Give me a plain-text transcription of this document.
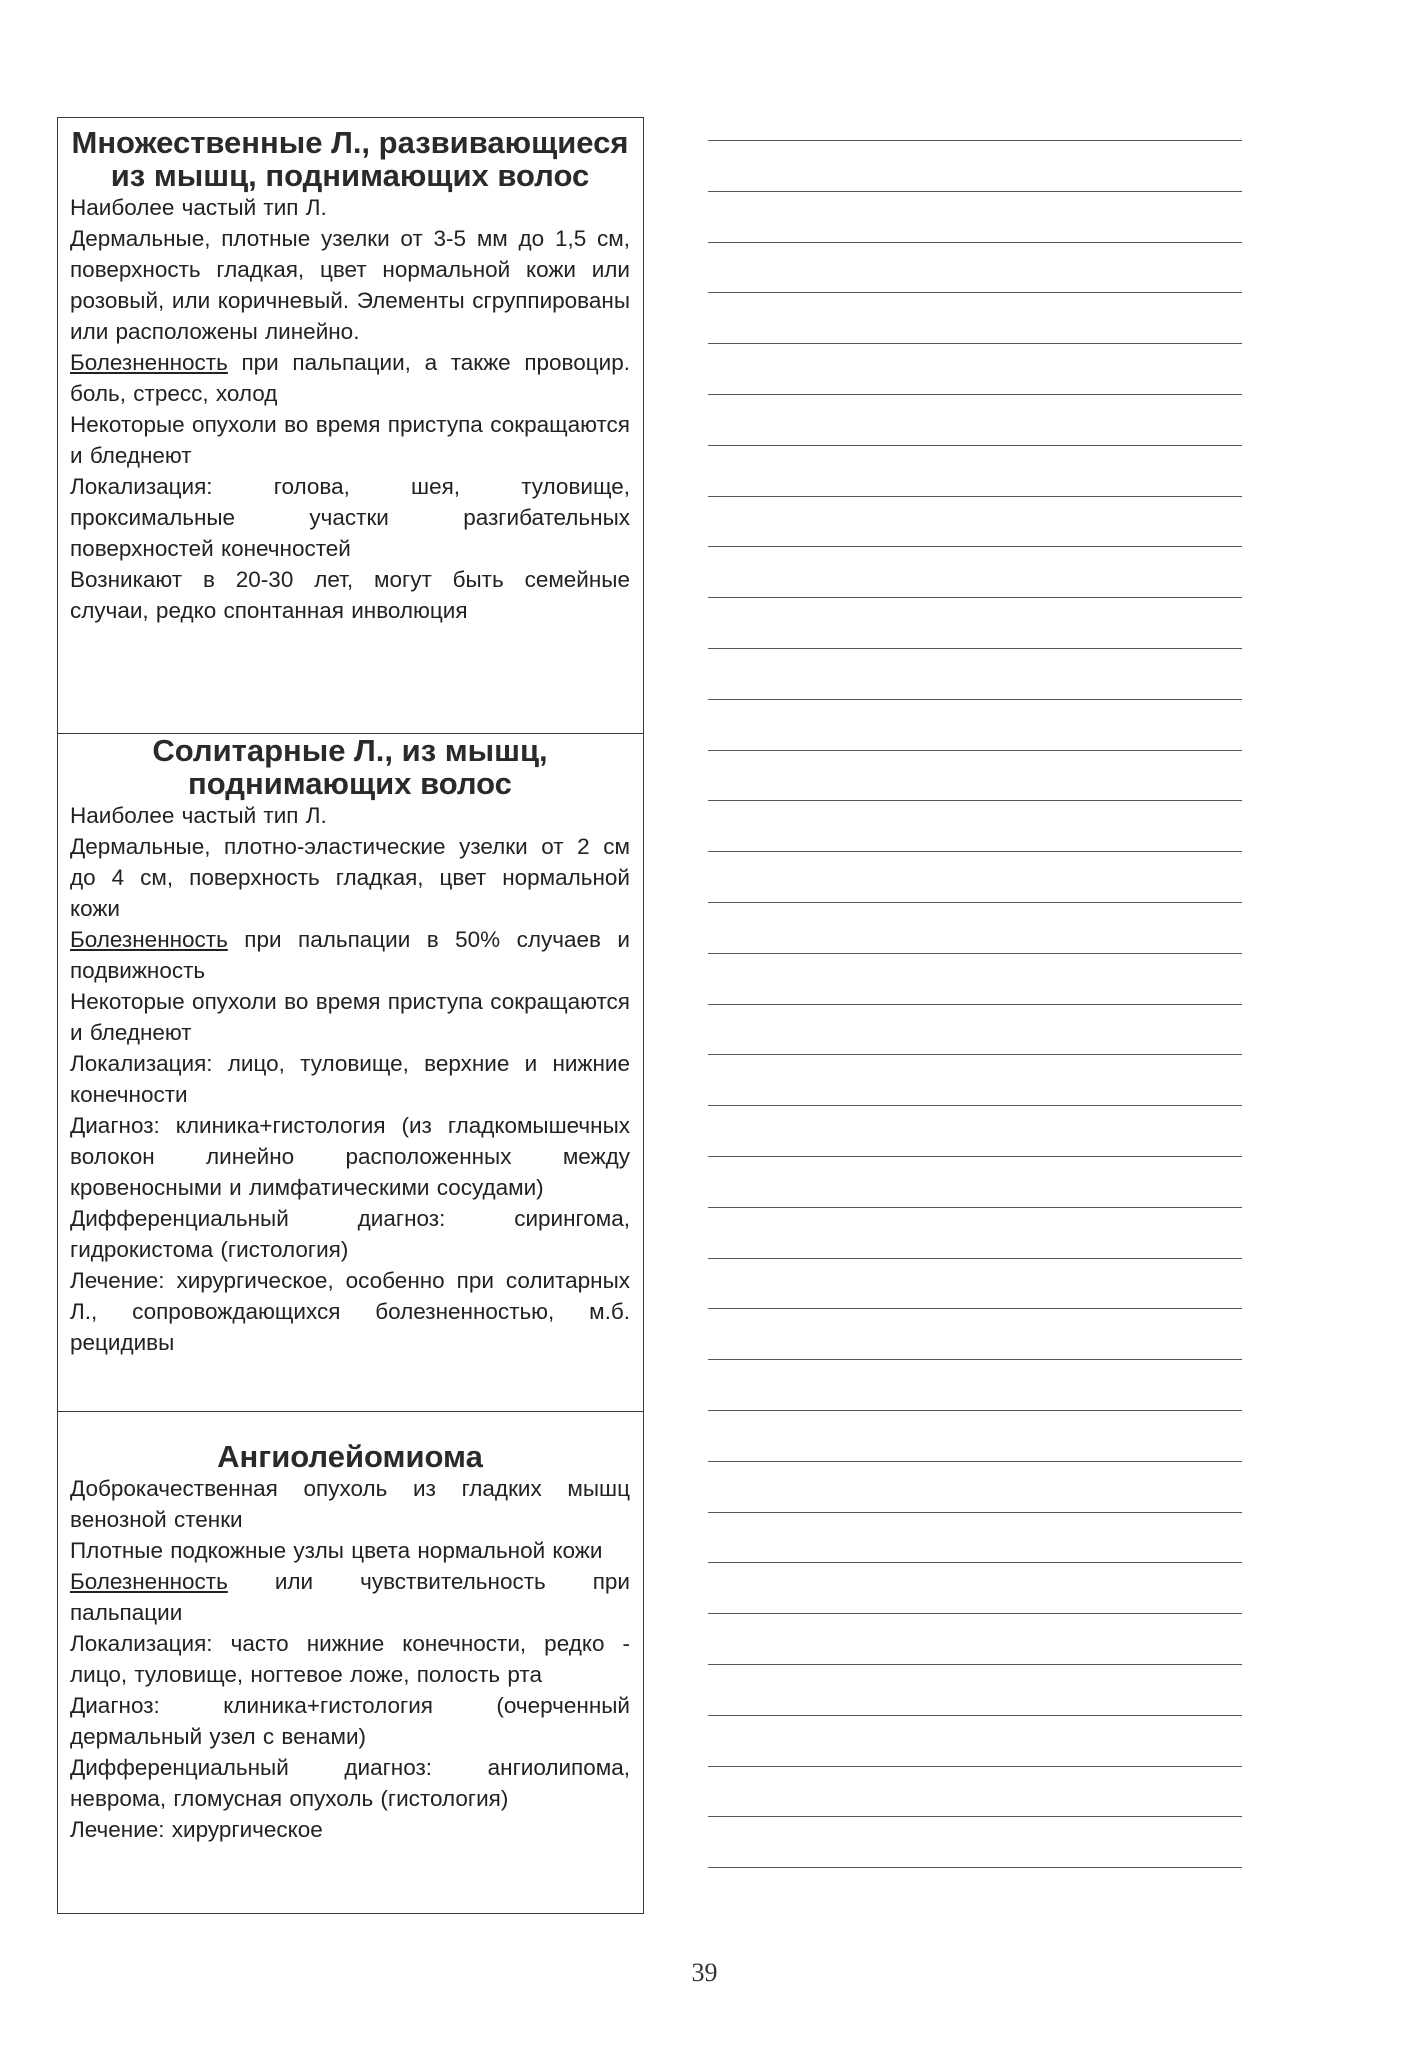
Множественные Л., развивающиеся из мышц, поднимающих волос

Наиболее частый тип Л.

Дермальные, плотные узелки от 3-5 мм до 1,5 см, поверхность гладкая, цвет нормальной кожи или розовый, или коричневый. Элементы сгруппированы или расположены линейно.

Болезненность при пальпации, а также провоцир. боль, стресс, холод

Некоторые опухоли во время приступа сокращаются и бледнеют

Локализация: голова, шея, туловище, проксимальные участки разгибательных поверхностей конечностей

Возникают в 20-30 лет, могут быть семейные случаи, редко спонтанная инволюция

Солитарные Л., из мышц, поднимающих волос

Наиболее частый тип Л.

Дермальные, плотно-эластические узелки от 2 см до 4 см, поверхность гладкая, цвет нормальной кожи

Болезненность при пальпации в 50% случаев и подвижность

Некоторые опухоли во время приступа сокращаются и бледнеют

Локализация: лицо, туловище, верхние и нижние конечности

Диагноз: клиника+гистология (из гладкомышечных волокон линейно расположенных между кровеносными и лимфатическими сосудами)

Дифференциальный диагноз: сирингома, гидрокистома (гистология)

Лечение: хирургическое, особенно при солитарных Л., сопровождающихся болезненностью, м.б. рецидивы

Ангиолейомиома

Доброкачественная опухоль из гладких мышц венозной стенки

Плотные подкожные узлы цвета нормальной кожи

Болезненность или чувствительность при пальпации

Локализация: часто нижние конечности, редко - лицо, туловище, ногтевое ложе, полость рта

Диагноз: клиника+гистология (очерченный дермальный узел с венами)

Дифференциальный диагноз: ангиолипома, неврома, гломусная опухоль (гистология)

Лечение: хирургическое

39
